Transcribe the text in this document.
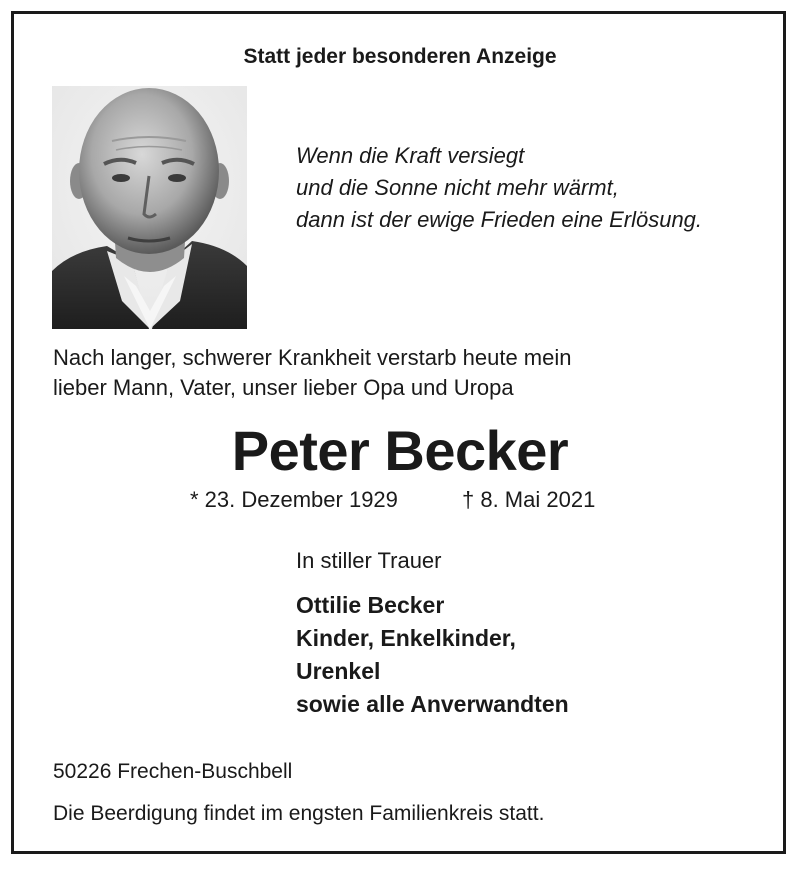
Statt jeder besonderen Anzeige
Wenn die Kraft versiegt
und die Sonne nicht mehr wärmt,
dann ist der ewige Frieden eine Erlösung.
Nach langer, schwerer Krankheit verstarb heute mein
lieber Mann, Vater, unser lieber Opa und Uropa
Peter Becker
* 23. Dezember 1929	† 8. Mai 2021
In stiller Trauer
Ottilie Becker
Kinder, Enkelkinder,
Urenkel
sowie alle Anverwandten
50226 Frechen-Buschbell
Die Beerdigung findet im engsten Familienkreis statt.
